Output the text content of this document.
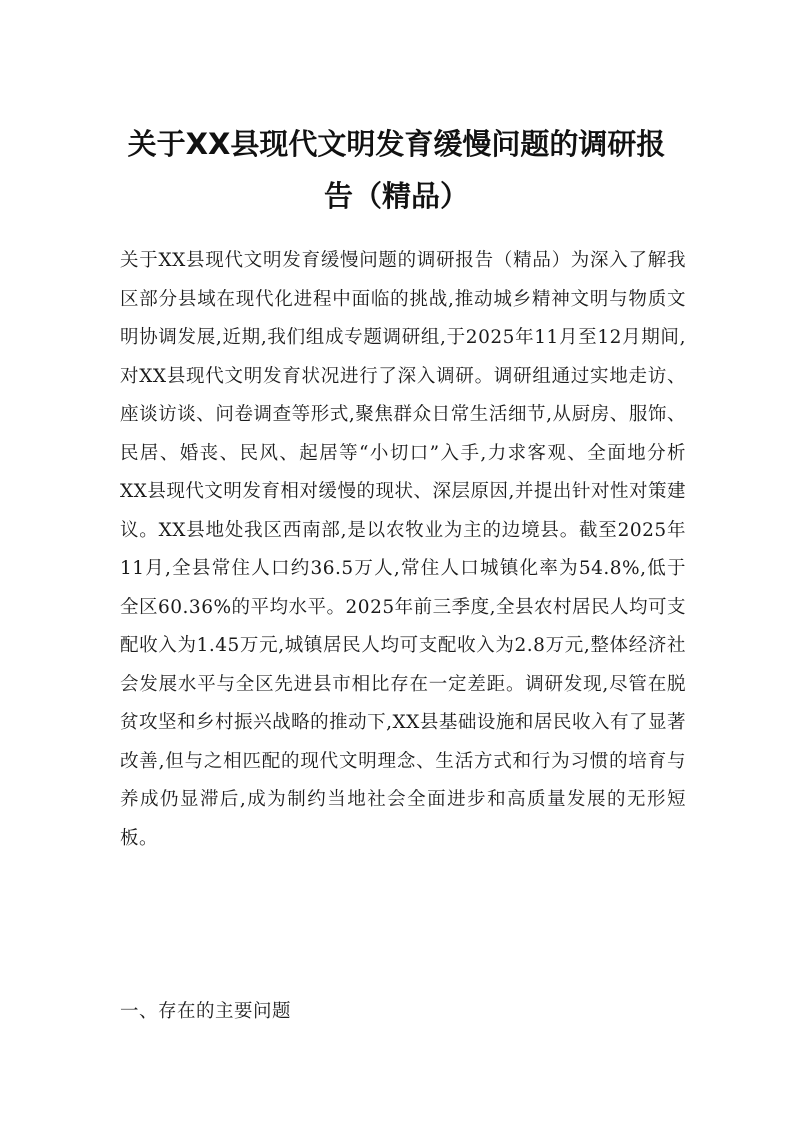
关于XX县现代文明发育缓慢问题的调研报
告（精品）

关于XX县现代文明发育缓慢问题的调研报告（精品）为深入了解我区部分县域在现代化进程中面临的挑战,推动城乡精神文明与物质文明协调发展,近期,我们组成专题调研组,于2025年11月至12月期间,对XX县现代文明发育状况进行了深入调研。调研组通过实地走访、座谈访谈、问卷调查等形式,聚焦群众日常生活细节,从厨房、服饰、民居、婚丧、民风、起居等“小切口”入手,力求客观、全面地分析XX县现代文明发育相对缓慢的现状、深层原因,并提出针对性对策建议。XX县地处我区西南部,是以农牧业为主的边境县。截至2025年11月,全县常住人口约36.5万人,常住人口城镇化率为54.8%,低于全区60.36%的平均水平。2025年前三季度,全县农村居民人均可支配收入为1.45万元,城镇居民人均可支配收入为2.8万元,整体经济社会发展水平与全区先进县市相比存在一定差距。调研发现,尽管在脱贫攻坚和乡村振兴战略的推动下,XX县基础设施和居民收入有了显著改善,但与之相匹配的现代文明理念、生活方式和行为习惯的培育与养成仍显滞后,成为制约当地社会全面进步和高质量发展的无形短板。

一、存在的主要问题
